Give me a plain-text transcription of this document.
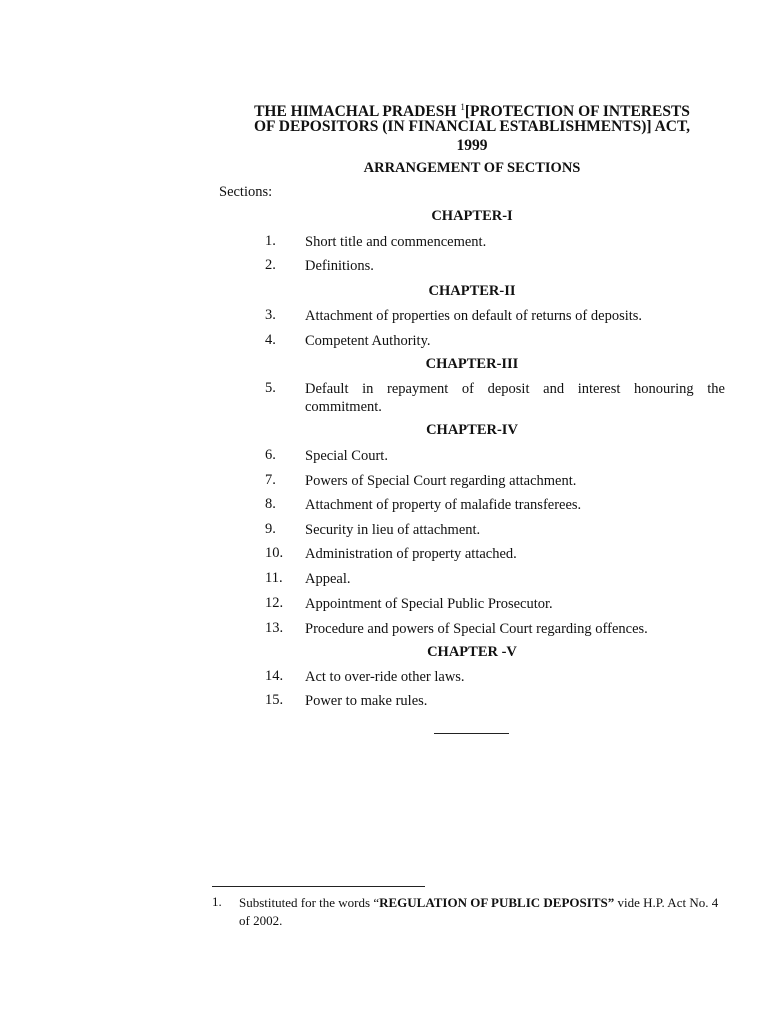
THE HIMACHAL PRADESH $^1$[PROTECTION OF INTERESTS
OF DEPOSITORS (IN FINANCIAL ESTABLISHMENTS)] ACT,
1999
ARRANGEMENT OF SECTIONS
Sections:
CHAPTER-I
1. Short title and commencement.
2. Definitions.
CHAPTER-II
3. Attachment of properties on default of returns of deposits.
4. Competent Authority.
CHAPTER-III
5. Default in repayment of deposit and interest honouring the commitment.
CHAPTER-IV
6. Special Court.
7. Powers of Special Court regarding attachment.
8. Attachment of property of malafide transferees.
9. Security in lieu of attachment.
10. Administration of property attached.
11. Appeal.
12. Appointment of Special Public Prosecutor.
13. Procedure and powers of Special Court regarding offences.
CHAPTER -V
14. Act to over-ride other laws.
15. Power to make rules.
1. Substituted for the words “REGULATION OF PUBLIC DEPOSITS” vide H.P. Act No. 4 of 2002.
